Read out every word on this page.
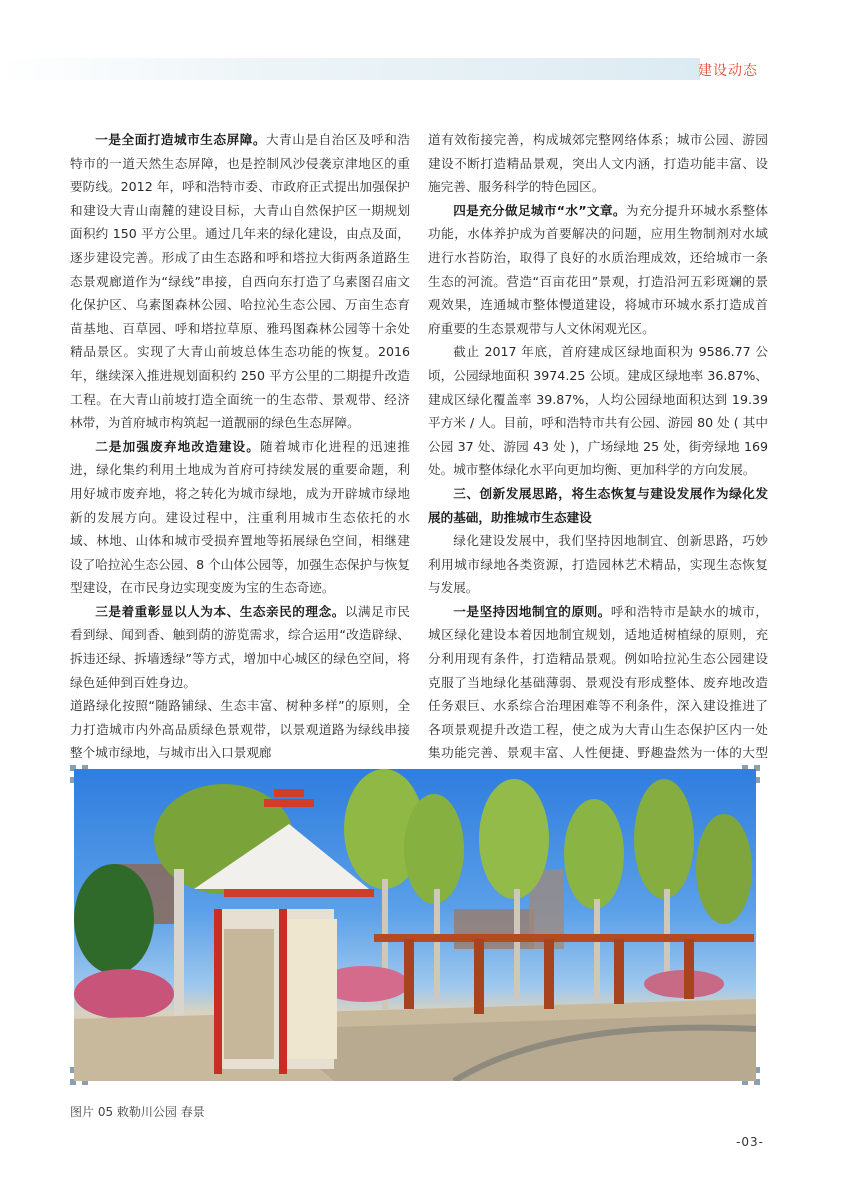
建设动态

一是全面打造城市生态屏障。大青山是自治区及呼和浩特市的一道天然生态屏障，也是控制风沙侵袭京津地区的重要防线。2012 年，呼和浩特市委、市政府正式提出加强保护和建设大青山南麓的建设目标，大青山自然保护区一期规划面积约 150 平方公里。通过几年来的绿化建设，由点及面，逐步建设完善。形成了由生态路和呼和塔拉大街两条道路生态景观廊道作为“绿线”串接，自西向东打造了乌素图召庙文化保护区、乌素图森林公园、哈拉沁生态公园、万亩生态育苗基地、百草园、呼和塔拉草原、雅玛图森林公园等十余处精品景区。实现了大青山前坡总体生态功能的恢复。2016 年，继续深入推进规划面积约 250 平方公里的二期提升改造工程。在大青山前坡打造全面统一的生态带、景观带、经济林带，为首府城市构筑起一道靓丽的绿色生态屏障。

二是加强废弃地改造建设。随着城市化进程的迅速推进，绿化集约利用土地成为首府可持续发展的重要命题，利用好城市废弃地，将之转化为城市绿地，成为开辟城市绿地新的发展方向。建设过程中，注重利用城市生态依托的水域、林地、山体和城市受损弃置地等拓展绿色空间，相继建设了哈拉沁生态公园、8 个山体公园等，加强生态保护与恢复型建设，在市民身边实现变废为宝的生态奇迹。

三是着重彰显以人为本、生态亲民的理念。以满足市民看到绿、闻到香、触到荫的游览需求，综合运用“改造辟绿、拆违还绿、拆墙透绿”等方式，增加中心城区的绿色空间，将绿色延伸到百姓身边。

道路绿化按照“随路铺绿、生态丰富、树种多样”的原则，全力打造城市内外高品质绿色景观带，以景观道路为绿线串接整个城市绿地，与城市出入口景观廊

道有效衔接完善，构成城郊完整网络体系；城市公园、游园建设不断打造精品景观，突出人文内涵，打造功能丰富、设施完善、服务科学的特色园区。

四是充分做足城市“水”文章。为充分提升环城水系整体功能，水体养护成为首要解决的问题，应用生物制剂对水域进行水苔防治，取得了良好的水质治理成效，还给城市一条生态的河流。营造“百亩花田”景观，打造沿河五彩斑斓的景观效果，连通城市整体慢道建设，将城市环城水系打造成首府重要的生态景观带与人文休闲观光区。

截止 2017 年底，首府建成区绿地面积为 9586.77 公顷，公园绿地面积 3974.25 公顷。建成区绿地率 36.87%、建成区绿化覆盖率 39.87%，人均公园绿地面积达到 19.39 平方米 / 人。目前，呼和浩特市共有公园、游园 80 处 ( 其中公园 37 处、游园 43 处 )，广场绿地 25 处，街旁绿地 169 处。城市整体绿化水平向更加均衡、更加科学的方向发展。

三、创新发展思路，将生态恢复与建设发展作为绿化发展的基础，助推城市生态建设

绿化建设发展中，我们坚持因地制宜、创新思路，巧妙利用城市绿地各类资源，打造园林艺术精品，实现生态恢复与发展。

一是坚持因地制宜的原则。呼和浩特市是缺水的城市，城区绿化建设本着因地制宜规划，适地适树植绿的原则，充分利用现有条件，打造精品景观。例如哈拉沁生态公园建设克服了当地绿化基础薄弱、景观没有形成整体、废弃地改造任务艰巨、水系综合治理困难等不利条件，深入建设推进了各项景观提升改造工程，使之成为大青山生态保护区内一处集功能完善、景观丰富、人性便捷、野趣盎然为一体的大型

图片 05 敕勒川公园 春景
-03-
